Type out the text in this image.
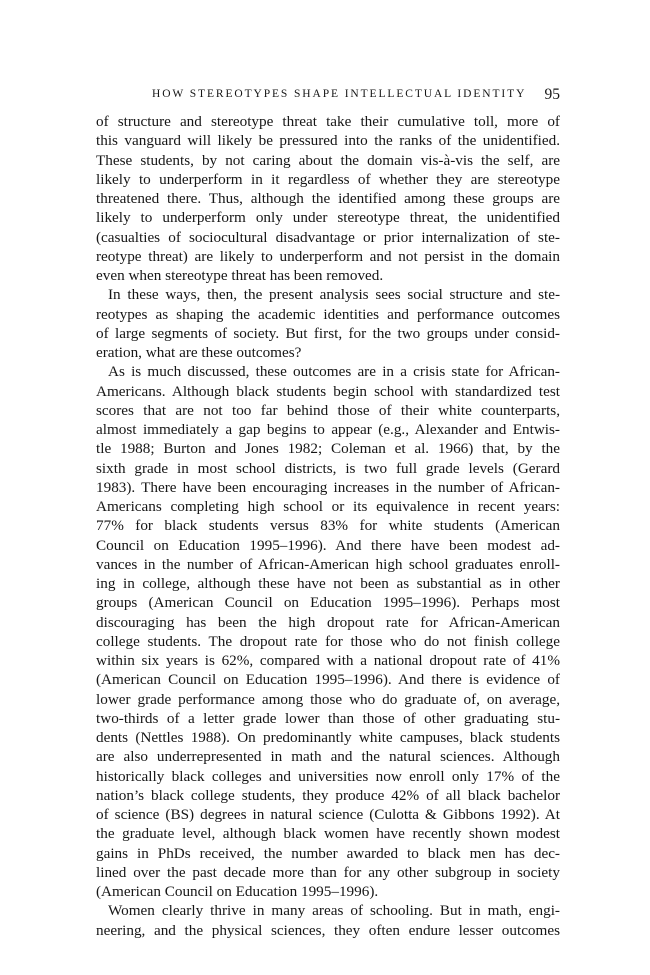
HOW STEREOTYPES SHAPE INTELLECTUAL IDENTITY 95
of structure and stereotype threat take their cumulative toll, more of
this vanguard will likely be pressured into the ranks of the unidentified.
These students, by not caring about the domain vis-à-vis the self, are
likely to underperform in it regardless of whether they are stereotype
threatened there. Thus, although the identified among these groups are
likely to underperform only under stereotype threat, the unidentified
(casualties of sociocultural disadvantage or prior internalization of ste-
reotype threat) are likely to underperform and not persist in the domain
even when stereotype threat has been removed.
In these ways, then, the present analysis sees social structure and ste-
reotypes as shaping the academic identities and performance outcomes
of large segments of society. But first, for the two groups under consid-
eration, what are these outcomes?
As is much discussed, these outcomes are in a crisis state for African-
Americans. Although black students begin school with standardized test
scores that are not too far behind those of their white counterparts,
almost immediately a gap begins to appear (e.g., Alexander and Entwis-
tle 1988; Burton and Jones 1982; Coleman et al. 1966) that, by the
sixth grade in most school districts, is two full grade levels (Gerard
1983). There have been encouraging increases in the number of African-
Americans completing high school or its equivalence in recent years:
77% for black students versus 83% for white students (American
Council on Education 1995–1996). And there have been modest ad-
vances in the number of African-American high school graduates enroll-
ing in college, although these have not been as substantial as in other
groups (American Council on Education 1995–1996). Perhaps most
discouraging has been the high dropout rate for African-American
college students. The dropout rate for those who do not finish college
within six years is 62%, compared with a national dropout rate of 41%
(American Council on Education 1995–1996). And there is evidence of
lower grade performance among those who do graduate of, on average,
two-thirds of a letter grade lower than those of other graduating stu-
dents (Nettles 1988). On predominantly white campuses, black students
are also underrepresented in math and the natural sciences. Although
historically black colleges and universities now enroll only 17% of the
nation’s black college students, they produce 42% of all black bachelor
of science (BS) degrees in natural science (Culotta & Gibbons 1992). At
the graduate level, although black women have recently shown modest
gains in PhDs received, the number awarded to black men has dec-
lined over the past decade more than for any other subgroup in society
(American Council on Education 1995–1996).
Women clearly thrive in many areas of schooling. But in math, engi-
neering, and the physical sciences, they often endure lesser outcomes
